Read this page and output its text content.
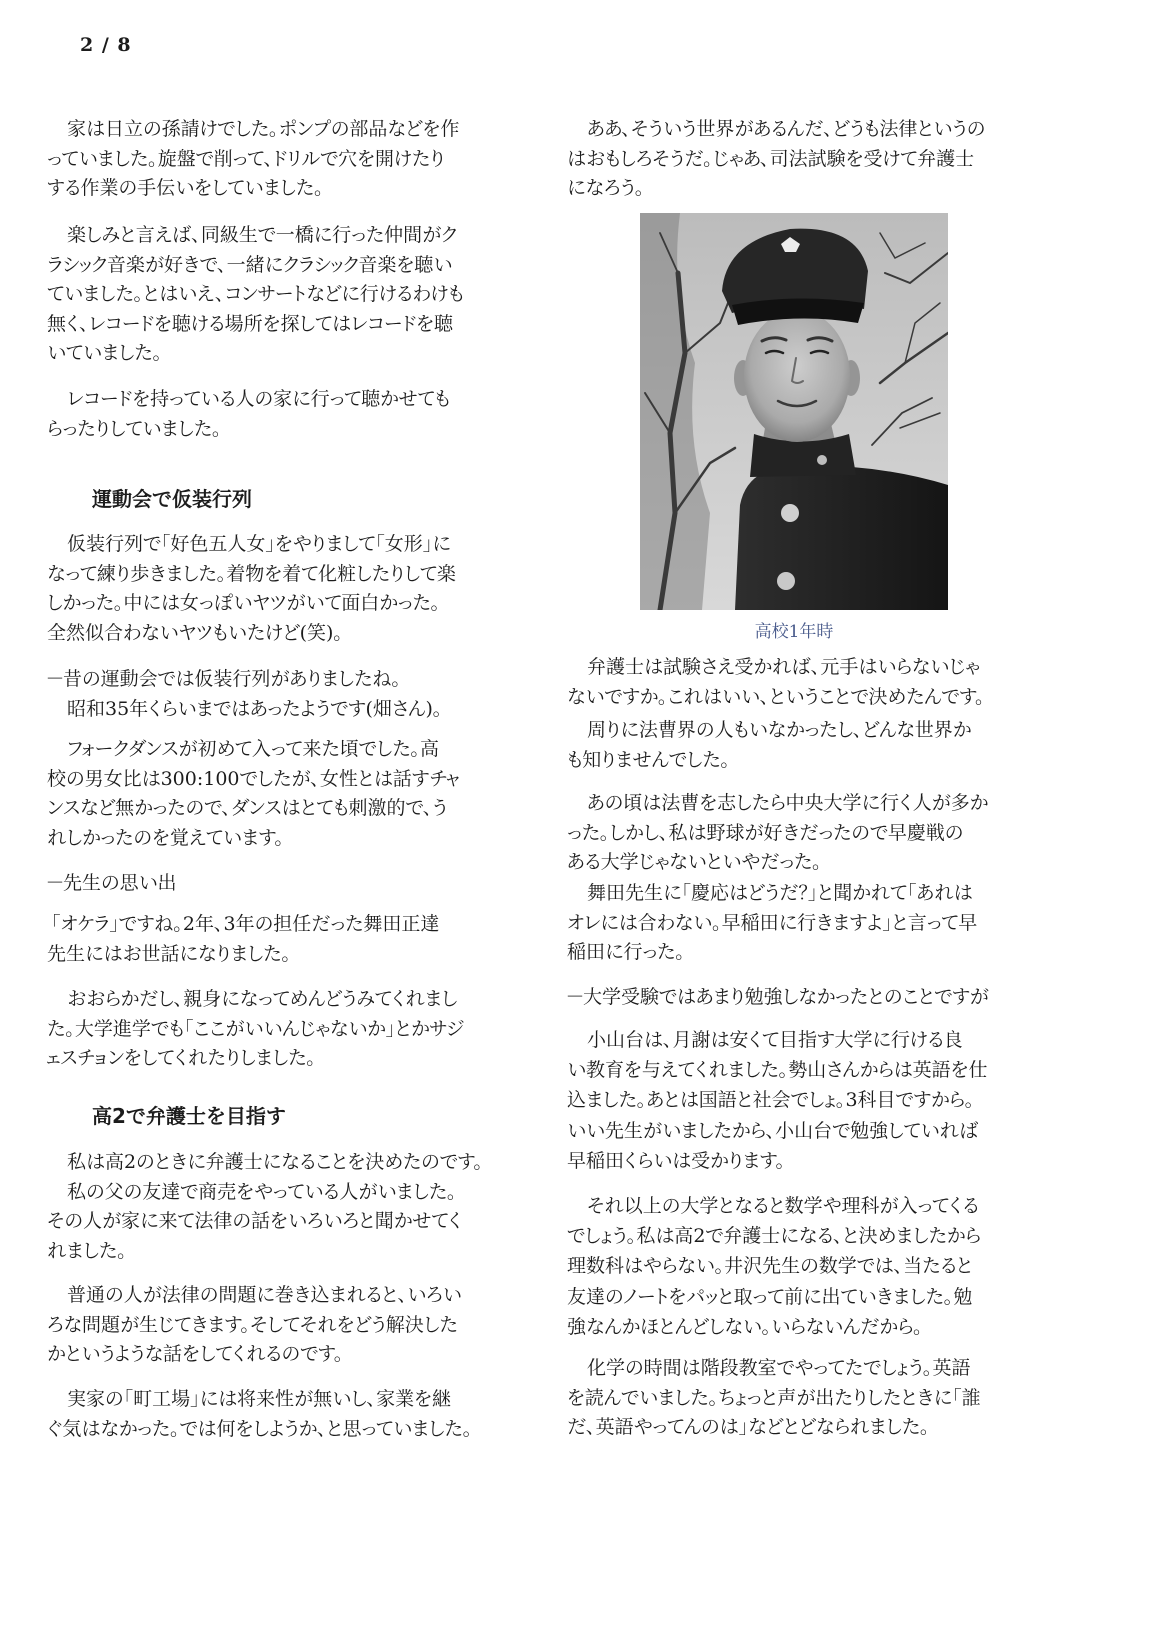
2 / 8
家は日立の孫請けでした。ポンプの部品などを作
っていました。旋盤で削って、ドリルで穴を開けたり
する作業の手伝いをしていました。
楽しみと言えば、同級生で一橋に行った仲間がク
ラシック音楽が好きで、一緒にクラシック音楽を聴い
ていました。とはいえ、コンサートなどに行けるわけも
無く、レコードを聴ける場所を探してはレコードを聴
いていました。
レコードを持っている人の家に行って聴かせても
らったりしていました。
運動会で仮装行列
仮装行列で「好色五人女」をやりまして「女形」に
なって練り歩きました。着物を着て化粧したりして楽
しかった。中には女っぽいヤツがいて面白かった。
全然似合わないヤツもいたけど(笑)。
－昔の運動会では仮装行列がありましたね。
昭和35年くらいまではあったようです(畑さん)。
フォークダンスが初めて入って来た頃でした。高
校の男女比は300:100でしたが、女性とは話すチャ
ンスなど無かったので、ダンスはとても刺激的で、う
れしかったのを覚えています。
－先生の思い出
「オケラ」ですね。2年、3年の担任だった舞田正達
先生にはお世話になりました。
おおらかだし、親身になってめんどうみてくれまし
た。大学進学でも「ここがいいんじゃないか」とかサジ
ェスチョンをしてくれたりしました。
高2で弁護士を目指す
私は高2のときに弁護士になることを決めたのです。
私の父の友達で商売をやっている人がいました。
その人が家に来て法律の話をいろいろと聞かせてく
れました。
普通の人が法律の問題に巻き込まれると、いろい
ろな問題が生じてきます。そしてそれをどう解決した
かというような話をしてくれるのです。
実家の「町工場」には将来性が無いし、家業を継
ぐ気はなかった。では何をしようか、と思っていました。
ああ、そういう世界があるんだ、どうも法律というの
はおもしろそうだ。じゃあ、司法試験を受けて弁護士
になろう。
弁護士は試験さえ受かれば、元手はいらないじゃ
ないですか。これはいい、ということで決めたんです。
周りに法曹界の人もいなかったし、どんな世界か
も知りませんでした。
あの頃は法曹を志したら中央大学に行く人が多か
った。しかし、私は野球が好きだったので早慶戦の
ある大学じゃないといやだった。
舞田先生に「慶応はどうだ？」と聞かれて「あれは
オレには合わない。早稲田に行きますよ」と言って早
稲田に行った。
－大学受験ではあまり勉強しなかったとのことですが
小山台は、月謝は安くて目指す大学に行ける良
い教育を与えてくれました。勢山さんからは英語を仕
込ました。あとは国語と社会でしょ。3科目ですから。
いい先生がいましたから、小山台で勉強していれば
早稲田くらいは受かります。
それ以上の大学となると数学や理科が入ってくる
でしょう。私は高2で弁護士になる、と決めましたから
理数科はやらない。井沢先生の数学では、当たると
友達のノートをパッと取って前に出ていきました。勉
強なんかほとんどしない。いらないんだから。
化学の時間は階段教室でやってたでしょう。英語
を読んでいました。ちょっと声が出たりしたときに「誰
だ、英語やってんのは」などとどなられました。
高校1年時
